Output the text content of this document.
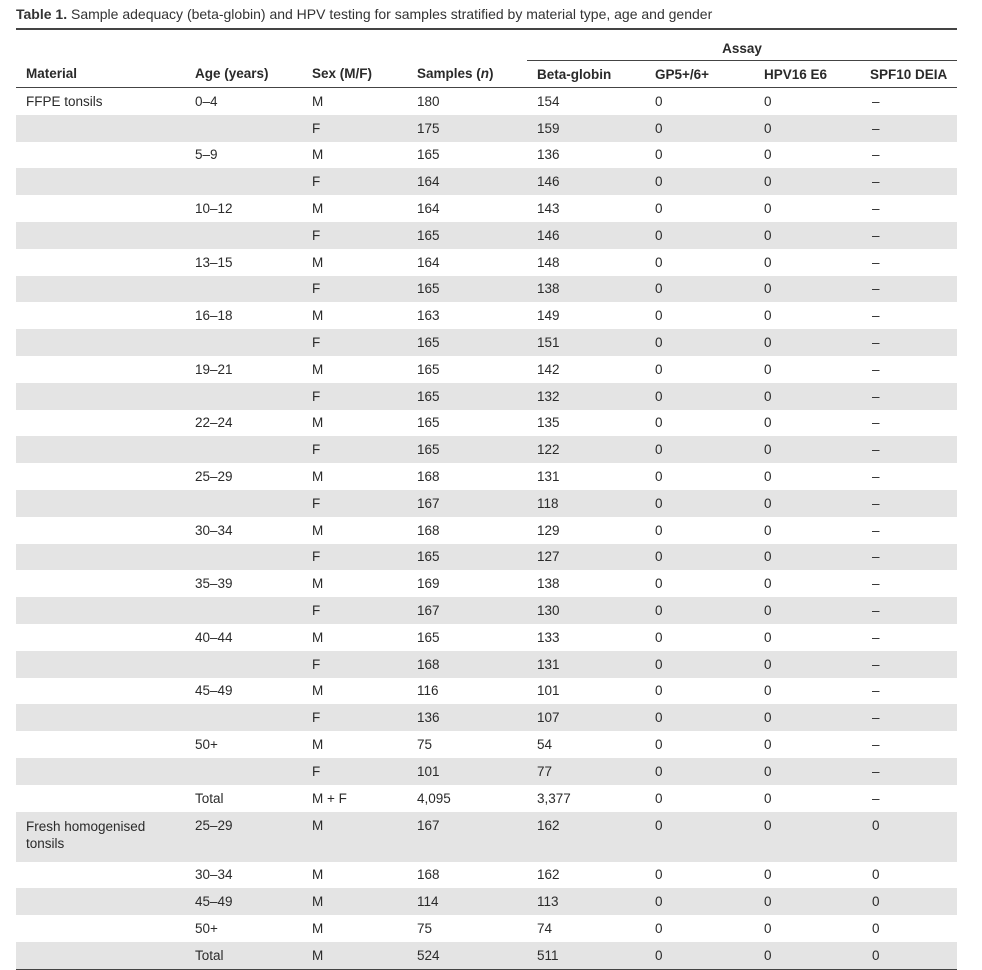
Table 1. Sample adequacy (beta-globin) and HPV testing for samples stratified by material type, age and gender
				Assay			
Material	Age (years)	Sex (M/F)	Samples (n)	Beta-globin	GP5+/6+	HPV16 E6	SPF10 DEIA
FFPE tonsils	0–4	M	180	154	0	0	–
		F	175	159	0	0	–
	5–9	M	165	136	0	0	–
		F	164	146	0	0	–
	10–12	M	164	143	0	0	–
		F	165	146	0	0	–
	13–15	M	164	148	0	0	–
		F	165	138	0	0	–
	16–18	M	163	149	0	0	–
		F	165	151	0	0	–
	19–21	M	165	142	0	0	–
		F	165	132	0	0	–
	22–24	M	165	135	0	0	–
		F	165	122	0	0	–
	25–29	M	168	131	0	0	–
		F	167	118	0	0	–
	30–34	M	168	129	0	0	–
		F	165	127	0	0	–
	35–39	M	169	138	0	0	–
		F	167	130	0	0	–
	40–44	M	165	133	0	0	–
		F	168	131	0	0	–
	45–49	M	116	101	0	0	–
		F	136	107	0	0	–
	50+	M	75	54	0	0	–
		F	101	77	0	0	–
	Total	M + F	4,095	3,377	0	0	–
Fresh homogenised tonsils	25–29	M	167	162	0	0	0
	30–34	M	168	162	0	0	0
	45–49	M	114	113	0	0	0
	50+	M	75	74	0	0	0
	Total	M	524	511	0	0	0
